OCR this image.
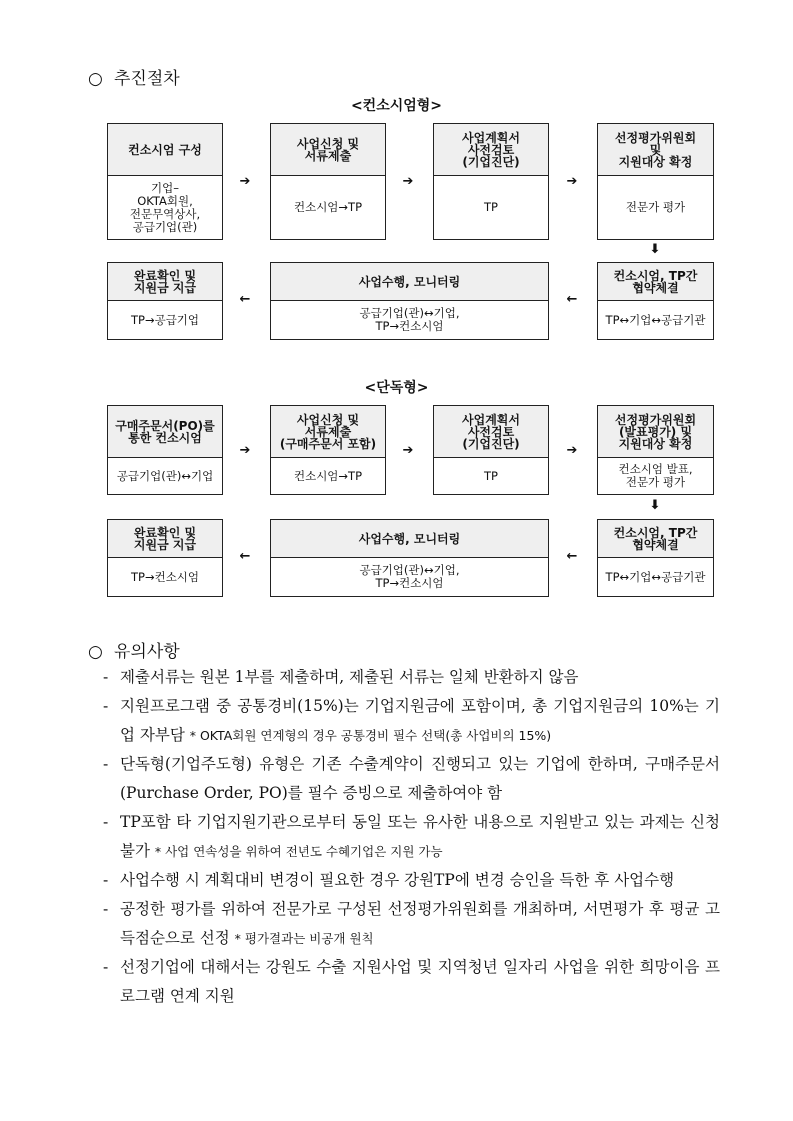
○ 추진절차
<컨소시엄형>
컨소시엄 구성
기업–
OKTA회원,
전문무역상사,
공급기업(관)
사업신청 및
서류제출
컨소시엄→TP
사업계획서
사전검토
(기업진단)
TP
선정평가위원회
및
지원대상 확정
전문가 평가
➔	➔	➔
⬇
컨소시엄, TP간
협약체결
TP↔기업↔공급기관
사업수행, 모니터링
공급기업(관)↔기업,
TP→컨소시엄
완료확인 및
지원금 지급
TP→공급기업
←
←
<단독형>
구매주문서(PO)를
통한 컨소시엄
공급기업(관)↔기업
사업신청 및
서류제출
(구매주문서 포함)
컨소시엄→TP
사업계획서
사전검토
(기업진단)
TP
선정평가위원회
(발표평가) 및
지원대상 확정
컨소시엄 발표,
전문가 평가
➔	➔	➔
⬇
컨소시엄, TP간
협약체결
TP↔기업↔공급기관
사업수행, 모니터링
공급기업(관)↔기업,
TP→컨소시엄
완료확인 및
지원금 지급
TP→컨소시엄
←
←
○ 유의사항
- 제출서류는 원본 1부를 제출하며, 제출된 서류는 일체 반환하지 않음
- 지원프로그램 중 공통경비(15%)는 기업지원금에 포함이며, 총 기업지원금의 10%는 기업 자부담 * OKTA회원 연계형의 경우 공통경비 필수 선택(총 사업비의 15%)
- 단독형(기업주도형) 유형은 기존 수출계약이 진행되고 있는 기업에 한하며, 구매주문서(Purchase Order, PO)를 필수 증빙으로 제출하여야 함
- TP포함 타 기업지원기관으로부터 동일 또는 유사한 내용으로 지원받고 있는 과제는 신청 불가 * 사업 연속성을 위하여 전년도 수혜기업은 지원 가능
- 사업수행 시 계획대비 변경이 필요한 경우 강원TP에 변경 승인을 득한 후 사업수행
- 공정한 평가를 위하여 전문가로 구성된 선정평가위원회를 개최하며, 서면평가 후 평균 고득점순으로 선정 * 평가결과는 비공개 원칙
- 선정기업에 대해서는 강원도 수출 지원사업 및 지역청년 일자리 사업을 위한 희망이음 프로그램 연계 지원
